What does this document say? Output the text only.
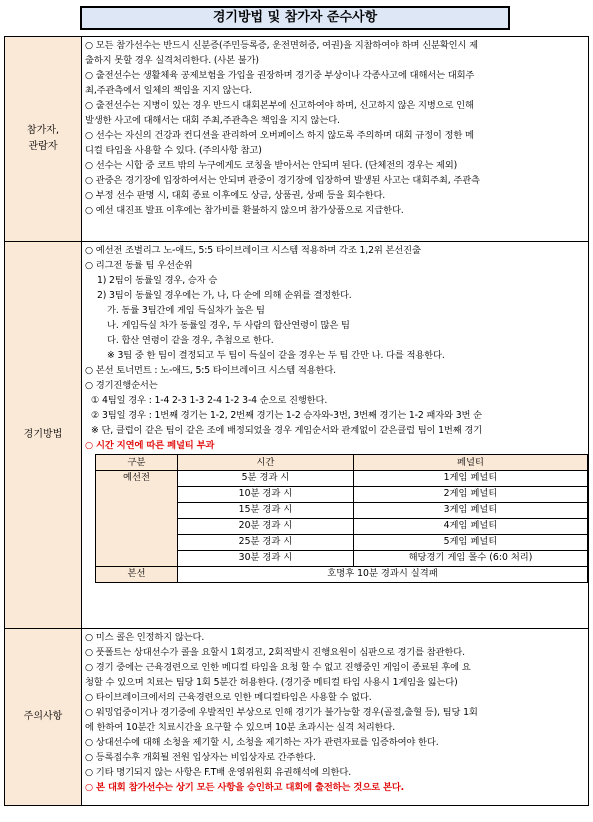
경기방법 및 참가자 준수사항
참가자,
관람자

○ 모든 참가선수는 반드시 신분증(주민등록증, 운전면허증, 여권)을 지참하여야 하며 신분확인시 제
출하지 못할 경우 실격처리한다. (사본 불가)
○ 출전선수는 생활체육 공제보험을 가입을 권장하며 경기중 부상이나 각종사고에 대해서는 대회주
최,주관측에서 일체의 책임을 지지 않는다.
○ 출전선수는 지병이 있는 경우 반드시 대회본부에 신고하여야 하며, 신고하지 않은 지병으로 인해
발생한 사고에 대해서는 대회 주최,주관측은 책임을 지지 않는다.
○ 선수는 자신의 건강과 컨디션을 관리하여 오버페이스 하지 않도록 주의하며 대회 규정이 정한 메
디컬 타임을 사용할 수 있다. (주의사항 참고)
○ 선수는 시합 중 코트 밖의 누구에게도 코칭을 받아서는 안되며 된다. (단체전의 경우는 제외)
○ 관중은 경기장에 입장하여서는 안되며 관중이 경기장에 입장하여 발생된 사고는 대회주최, 주관측
○ 부정 선수 판명 시, 대회 종료 이후에도 상금, 상품권, 상패 등을 회수한다.
○ 예선 대진표 발표 이후에는 참가비를 환불하지 않으며 참가상품으로 지급한다.

경기방법

○ 예선전 조별리그 노-애드, 5:5 타이브레이크 시스템 적용하며 각조 1,2위 본선진출
○ 리그전 동률 팀 우선순위
1) 2팀이 동률일 경우, 승자 승
2) 3팀이 동률일 경우에는 가, 나, 다 순에 의해 순위를 결정한다.
가. 동률 3팀간에 게임 득실차가 높은 팀
나. 게임득실 차가 동률일 경우, 두 사람의 합산연령이 많은 팀
다. 합산 연령이 같을 경우, 추첨으로 한다.
※ 3팀 중 한 팀이 결정되고 두 팀이 득실이 같을 경우는 두 팀 간만 나. 다를 적용한다.
○ 본선 토너먼트 : 노-애드, 5:5 타이브레이크 시스템 적용한다.
○ 경기진행순서는
① 4팀일 경우 : 1-4 2-3 1-3 2-4 1-2 3-4 순으로 진행한다.
② 3팀일 경우 : 1번째 경기는 1-2, 2번째 경기는 1-2 승자와-3번, 3번째 경기는 1-2 패자와 3번 순
※ 단, 클럽이 같은 팀이 같은 조에 배정되었을 경우 게임순서와 관계없이 같은클럽 팀이 1번째 경기
○ 시간 지연에 따른 페널티 부과
구분	시간	페널티
예선전	5분 경과 시	1게임 페널티
10분 경과 시	2게임 페널티
15분 경과 시	3게임 페널티
20분 경과 시	4게임 페널티
25분 경과 시	5게임 페널티
30분 경과 시	해당경기 게임 몰수 (6:0 처리)
본선	호명후 10분 경과시 실격패

주의사항

○ 미스 콜은 인정하지 않는다.
○ 풋폴트는 상대선수가 콜을 요할시 1회경고, 2회적발시 진행요원이 심판으로 경기를 참관한다.
○ 경기 중에는 근육경련으로 인한 메디컬 타임을 요청 할 수 없고 진행중인 게임이 종료된 후에 요
청할 수 있으며 치료는 팀당 1회 5분간 허용한다. (경기중 메티컬 타임 사용시 1게임을 잃는다)
○ 타이브레이크에서의 근육경련으로 인한 메디컬타임은 사용할 수 없다.
○ 워밍업중이거나 경기중에 우발적인 부상으로 인해 경기가 불가능할 경우(골절,출혈 등), 팀당 1회
에 한하여 10분간 치료시간을 요구할 수 있으며 10분 초과시는 실격 처리한다.
○ 상대선수에 대해 소청을 제기할 시, 소청을 제기하는 자가 관련자료를 입증하여야 한다.
○ 등록접수후 개회될 전원 입상자는 비입상자로 간주한다.
○ 기타 명기되지 않는 사항은 F.T배 운영위원회 유권해석에 의한다.
○ 본 대회 참가선수는 상기 모든 사항을 승인하고 대회에 출전하는 것으로 본다.
